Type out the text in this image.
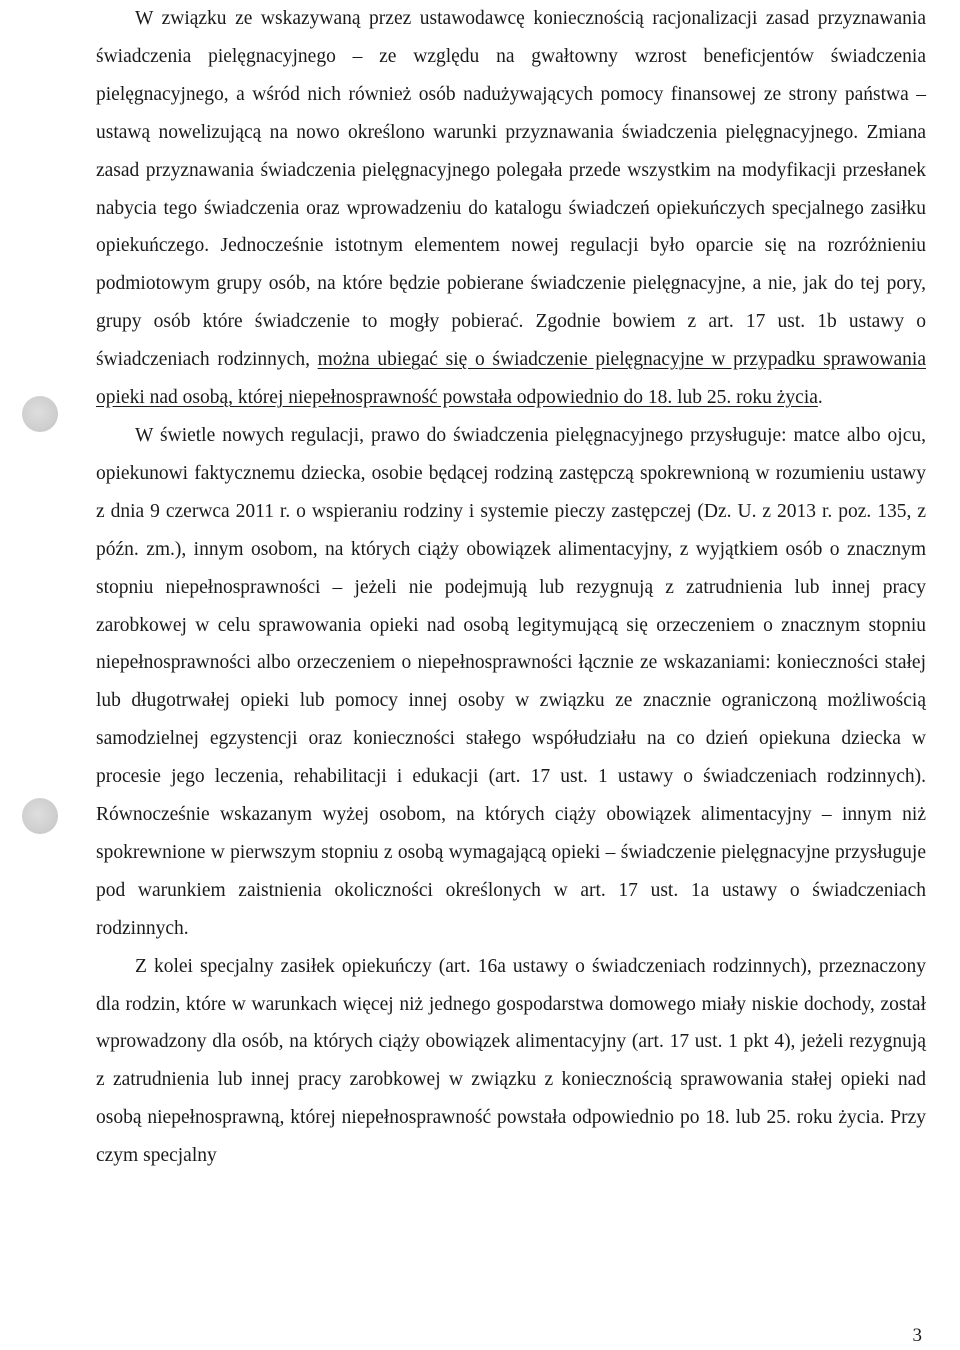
W związku ze wskazywaną przez ustawodawcę koniecznością racjonalizacji zasad przyznawania świadczenia pielęgnacyjnego – ze względu na gwałtowny wzrost beneficjentów świadczenia pielęgnacyjnego, a wśród nich również osób nadużywających pomocy finansowej ze strony państwa – ustawą nowelizującą na nowo określono warunki przyznawania świadczenia pielęgnacyjnego. Zmiana zasad przyznawania świadczenia pielęgnacyjnego polegała przede wszystkim na modyfikacji przesłanek nabycia tego świadczenia oraz wprowadzeniu do katalogu świadczeń opiekuńczych specjalnego zasiłku opiekuńczego. Jednocześnie istotnym elementem nowej regulacji było oparcie się na rozróżnieniu podmiotowym grupy osób, na które będzie pobierane świadczenie pielęgnacyjne, a nie, jak do tej pory, grupy osób które świadczenie to mogły pobierać. Zgodnie bowiem z art. 17 ust. 1b ustawy o świadczeniach rodzinnych, można ubiegać się o świadczenie pielęgnacyjne w przypadku sprawowania opieki nad osobą, której niepełnosprawność powstała odpowiednio do 18. lub 25. roku życia.

W świetle nowych regulacji, prawo do świadczenia pielęgnacyjnego przysługuje: matce albo ojcu, opiekunowi faktycznemu dziecka, osobie będącej rodziną zastępczą spokrewnioną w rozumieniu ustawy z dnia 9 czerwca 2011 r. o wspieraniu rodziny i systemie pieczy zastępczej (Dz. U. z 2013 r. poz. 135, z późn. zm.), innym osobom, na których ciąży obowiązek alimentacyjny, z wyjątkiem osób o znacznym stopniu niepełnosprawności – jeżeli nie podejmują lub rezygnują z zatrudnienia lub innej pracy zarobkowej w celu sprawowania opieki nad osobą legitymującą się orzeczeniem o znacznym stopniu niepełnosprawności albo orzeczeniem o niepełnosprawności łącznie ze wskazaniami: konieczności stałej lub długotrwałej opieki lub pomocy innej osoby w związku ze znacznie ograniczoną możliwością samodzielnej egzystencji oraz konieczności stałego współudziału na co dzień opiekuna dziecka w procesie jego leczenia, rehabilitacji i edukacji (art. 17 ust. 1 ustawy o świadczeniach rodzinnych). Równocześnie wskazanym wyżej osobom, na których ciąży obowiązek alimentacyjny – innym niż spokrewnione w pierwszym stopniu z osobą wymagającą opieki – świadczenie pielęgnacyjne przysługuje pod warunkiem zaistnienia okoliczności określonych w art. 17 ust. 1a ustawy o świadczeniach rodzinnych.

Z kolei specjalny zasiłek opiekuńczy (art. 16a ustawy o świadczeniach rodzinnych), przeznaczony dla rodzin, które w warunkach więcej niż jednego gospodarstwa domowego miały niskie dochody, został wprowadzony dla osób, na których ciąży obowiązek alimentacyjny (art. 17 ust. 1 pkt 4), jeżeli rezygnują z zatrudnienia lub innej pracy zarobkowej w związku z koniecznością sprawowania stałej opieki nad osobą niepełnosprawną, której niepełnosprawność powstała odpowiednio po 18. lub 25. roku życia. Przy czym specjalny

3
